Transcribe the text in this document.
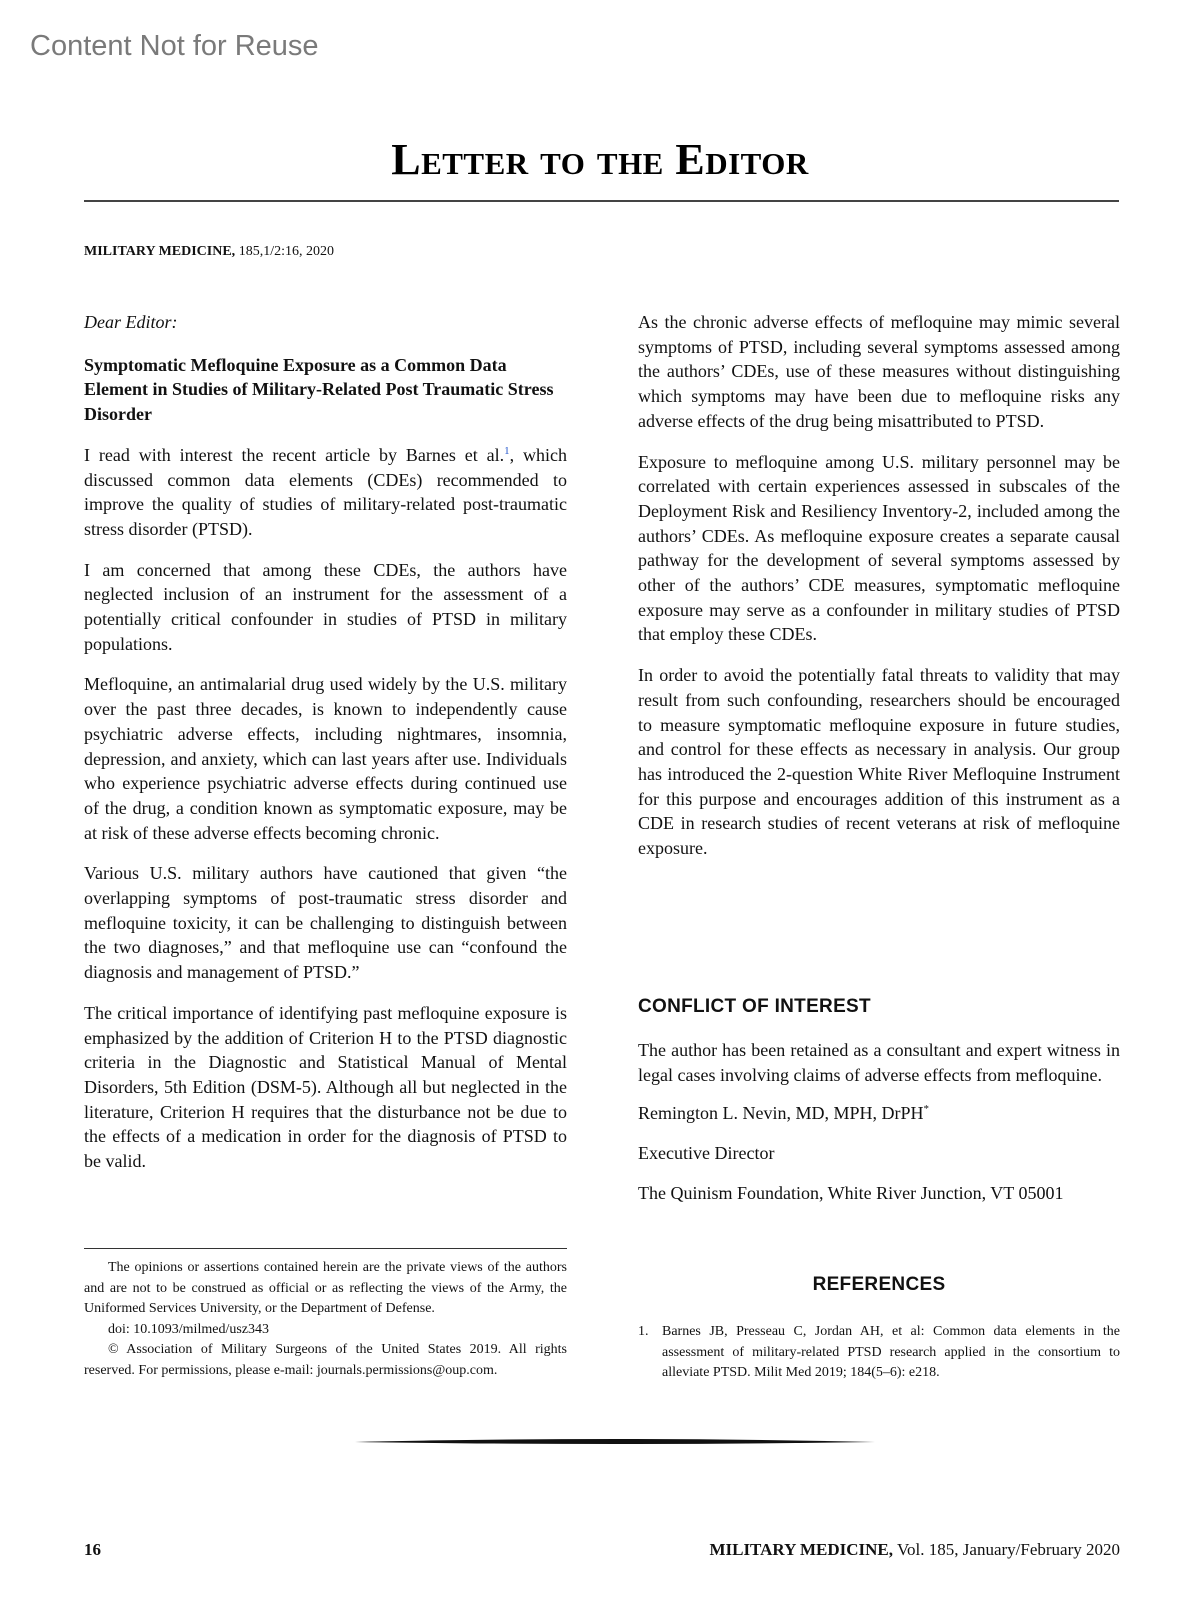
Content Not for Reuse
Letter to the Editor
MILITARY MEDICINE, 185,1/2:16, 2020

Dear Editor:

Symptomatic Mefloquine Exposure as a Common Data Element in Studies of Military-Related Post Traumatic Stress Disorder

I read with interest the recent article by Barnes et al.$^1$, which discussed common data elements (CDEs) recommended to improve the quality of studies of military-related post-traumatic stress disorder (PTSD).

I am concerned that among these CDEs, the authors have neglected inclusion of an instrument for the assessment of a potentially critical confounder in studies of PTSD in military populations.

Mefloquine, an antimalarial drug used widely by the U.S. military over the past three decades, is known to independently cause psychiatric adverse effects, including nightmares, insomnia, depression, and anxiety, which can last years after use. Individuals who experience psychiatric adverse effects during continued use of the drug, a condition known as symptomatic exposure, may be at risk of these adverse effects becoming chronic.

Various U.S. military authors have cautioned that given “the overlapping symptoms of post-traumatic stress disorder and mefloquine toxicity, it can be challenging to distinguish between the two diagnoses,” and that mefloquine use can “confound the diagnosis and management of PTSD.”

The critical importance of identifying past mefloquine exposure is emphasized by the addition of Criterion H to the PTSD diagnostic criteria in the Diagnostic and Statistical Manual of Mental Disorders, 5th Edition (DSM-5). Although all but neglected in the literature, Criterion H requires that the disturbance not be due to the effects of a medication in order for the diagnosis of PTSD to be valid.

As the chronic adverse effects of mefloquine may mimic several symptoms of PTSD, including several symptoms assessed among the authors’ CDEs, use of these measures without distinguishing which symptoms may have been due to mefloquine risks any adverse effects of the drug being misattributed to PTSD.

Exposure to mefloquine among U.S. military personnel may be correlated with certain experiences assessed in subscales of the Deployment Risk and Resiliency Inventory-2, included among the authors’ CDEs. As mefloquine exposure creates a separate causal pathway for the development of several symptoms assessed by other of the authors’ CDE measures, symptomatic mefloquine exposure may serve as a confounder in military studies of PTSD that employ these CDEs.

In order to avoid the potentially fatal threats to validity that may result from such confounding, researchers should be encouraged to measure symptomatic mefloquine exposure in future studies, and control for these effects as necessary in analysis. Our group has introduced the 2-question White River Mefloquine Instrument for this purpose and encourages addition of this instrument as a CDE in research studies of recent veterans at risk of mefloquine exposure.

CONFLICT OF INTEREST

The author has been retained as a consultant and expert witness in legal cases involving claims of adverse effects from mefloquine.

Remington L. Nevin, MD, MPH, DrPH*

Executive Director

The Quinism Foundation, White River Junction, VT 05001

The opinions or assertions contained herein are the private views of the authors and are not to be construed as official or as reflecting the views of the Army, the Uniformed Services University, or the Department of Defense.

doi: 10.1093/milmed/usz343

© Association of Military Surgeons of the United States 2019. All rights reserved. For permissions, please e-mail: journals.permissions@oup.com.

REFERENCES
1. Barnes JB, Presseau C, Jordan AH, et al: Common data elements in the assessment of military-related PTSD research applied in the consortium to alleviate PTSD. Milit Med 2019; 184(5–6): e218.
16	MILITARY MEDICINE, Vol. 185, January/February 2020
